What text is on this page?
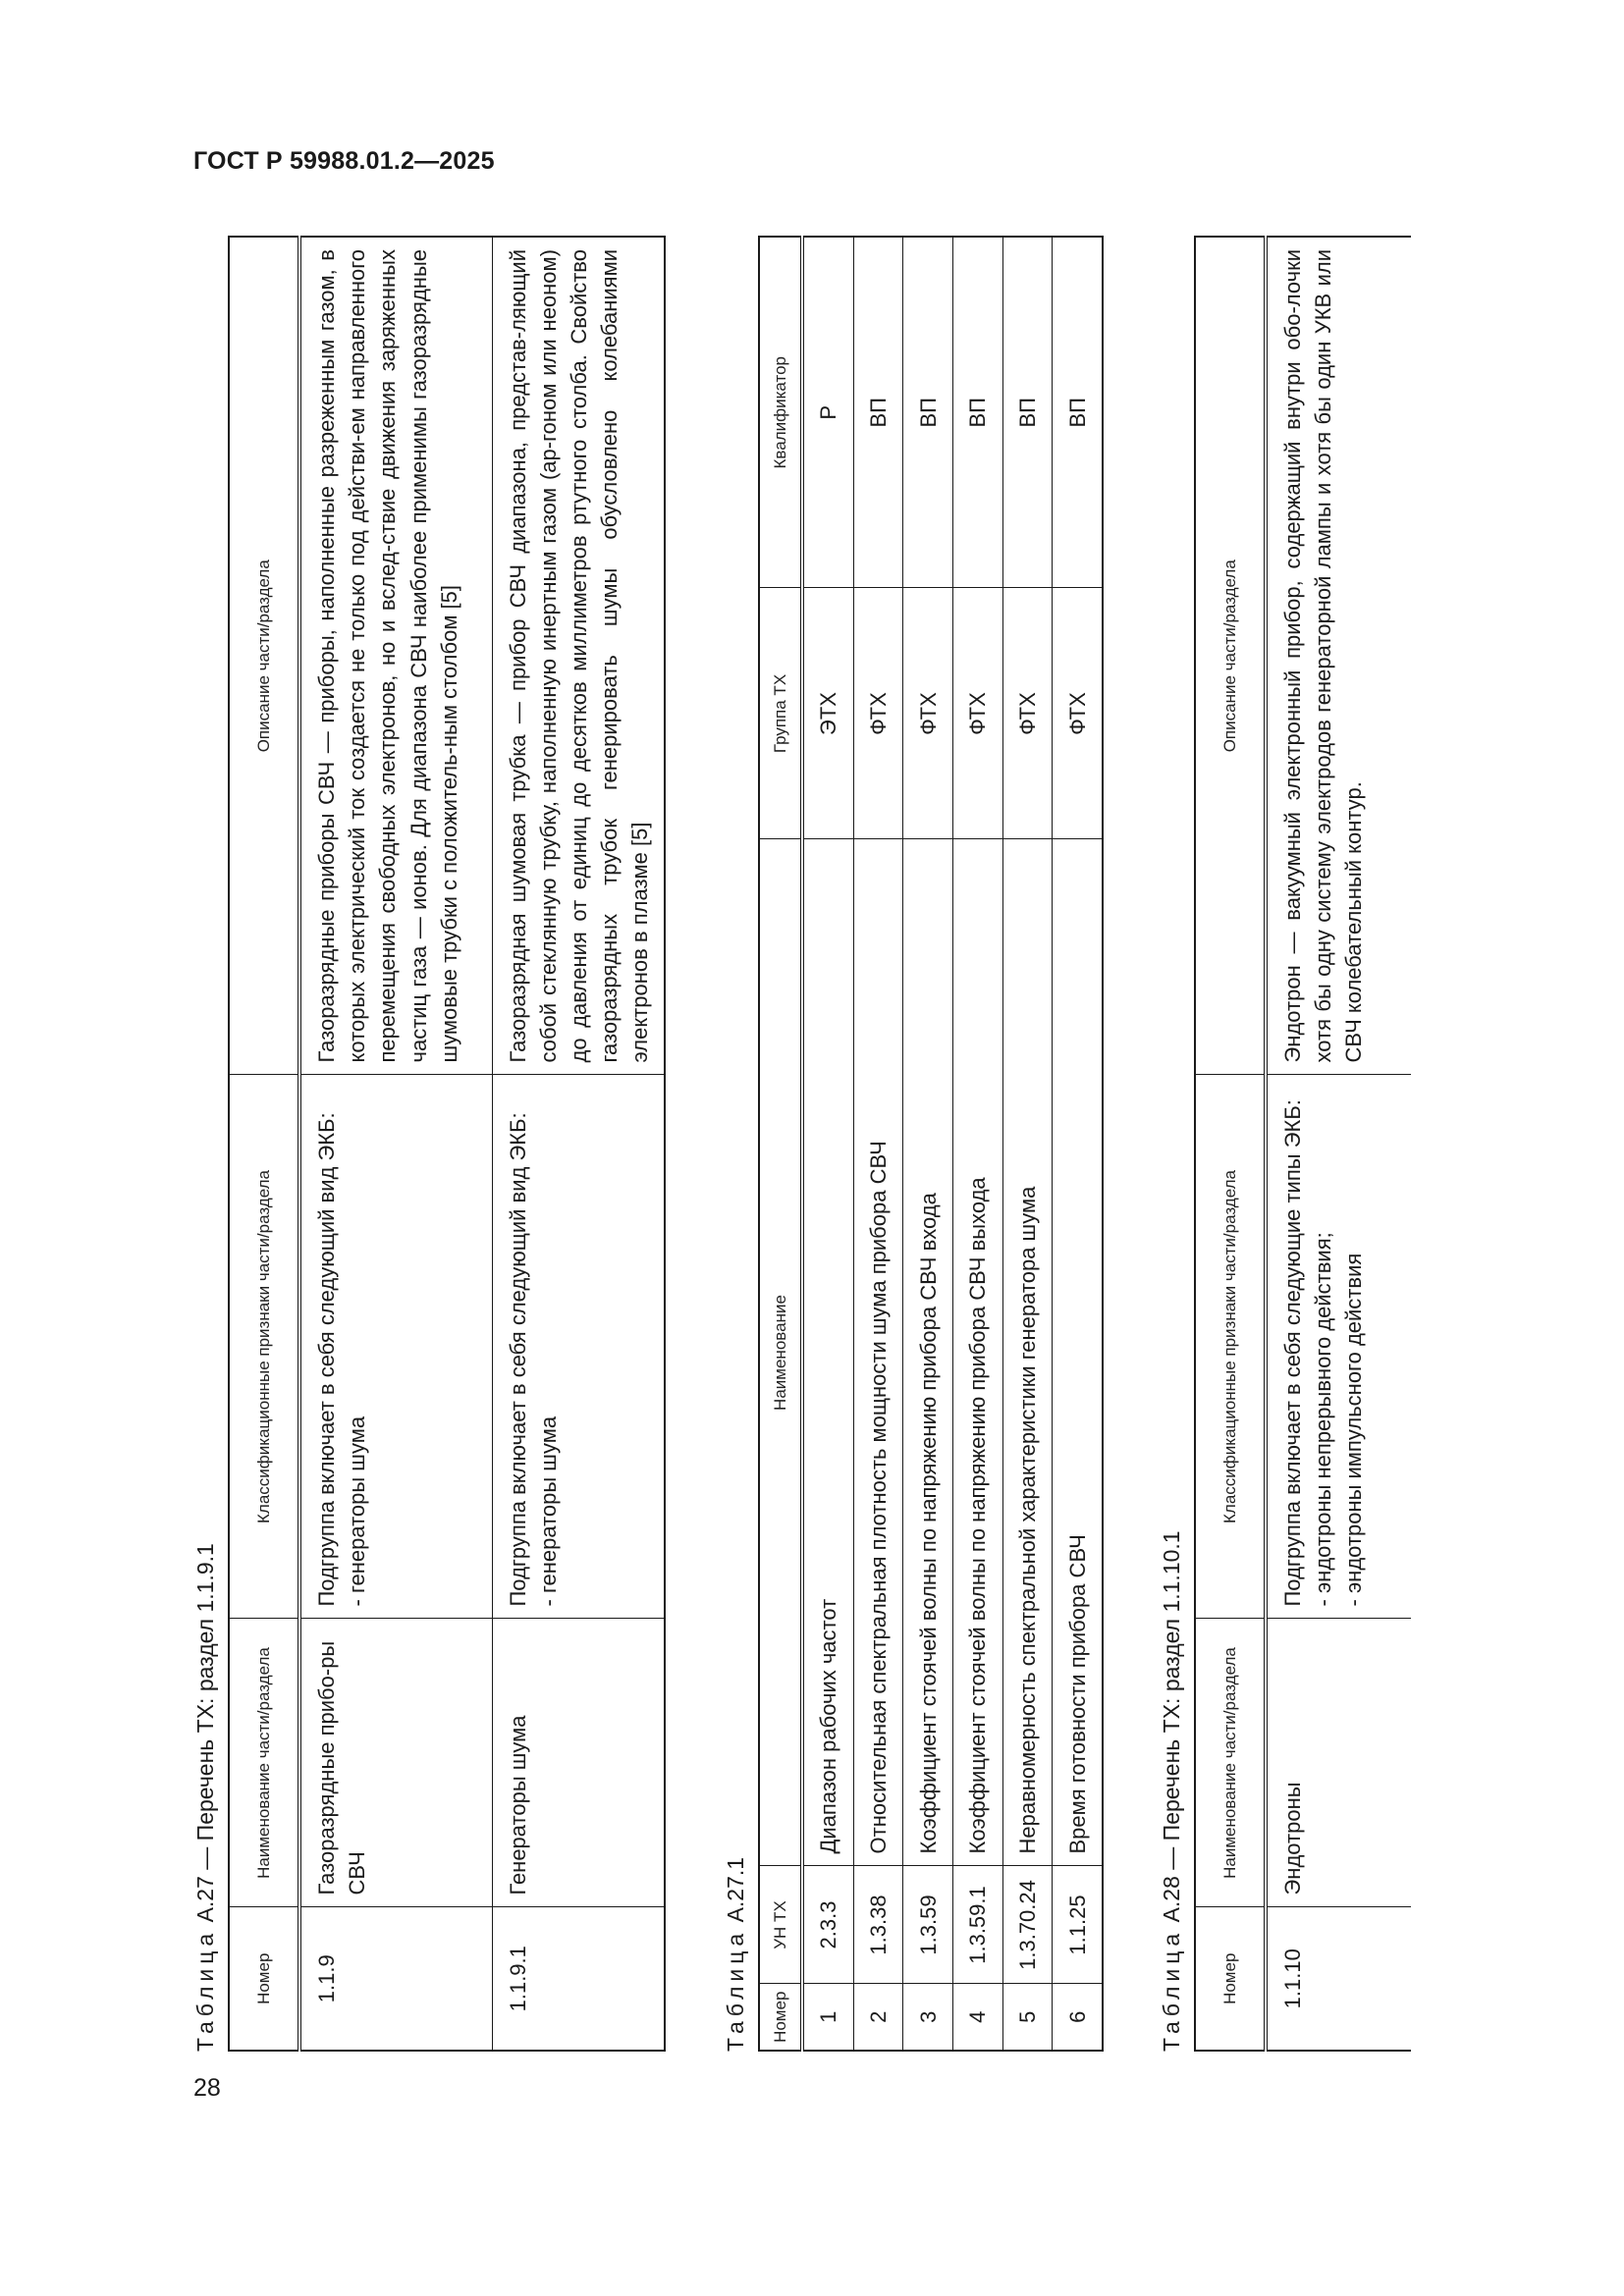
ГОСТ Р 59988.01.2—2025
28
Таблица А.27 — Перечень ТХ: раздел 1.1.9.1
Номер	Наименование части/раздела	Классификационные признаки части/раздела	Описание части/раздела
1.1.9	Газоразрядные прибо-ры СВЧ	Подгруппа включает в себя следующий вид ЭКБ: - генераторы шума	Газоразрядные приборы СВЧ — приборы, наполненные разреженным газом, в которых электрический ток создается не только под действи-ем направленного перемещения свободных электронов, но и вслед-ствие движения заряженных частиц газа — ионов. Для диапазона СВЧ наиболее применимы газоразрядные шумовые трубки с положитель-ным столбом [5]
1.1.9.1	Генераторы шума	Подгруппа включает в себя следующий вид ЭКБ: - генераторы шума	Газоразрядная шумовая трубка — прибор СВЧ диапазона, представ-ляющий собой стеклянную трубку, наполненную инертным газом (ар-гоном или неоном) до давления от единиц до десятков миллиметров ртутного столба. Свойство газоразрядных трубок генерировать шумы обусловлено колебаниями электронов в плазме [5]
Таблица А.27.1
Номер	УН ТХ	Наименование	Группа ТХ	Квалификатор
1	2.3.3	Диапазон рабочих частот	ЭТХ	Р
2	1.3.38	Относительная спектральная плотность мощности шума прибора СВЧ	ФТХ	ВП
3	1.3.59	Коэффициент стоячей волны по напряжению прибора СВЧ входа	ФТХ	ВП
4	1.3.59.1	Коэффициент стоячей волны по напряжению прибора СВЧ выхода	ФТХ	ВП
5	1.3.70.24	Неравномерность спектральной характеристики генератора шума	ФТХ	ВП
6	1.1.25	Время готовности прибора СВЧ	ФТХ	ВП
Таблица А.28 — Перечень ТХ: раздел 1.1.10.1
Номер	Наименование части/раздела	Классификационные признаки части/раздела	Описание части/раздела
1.1.10	Эндотроны	Подгруппа включает в себя следующие типы ЭКБ: - эндотроны непрерывного действия; - эндотроны импульсного действия	Эндотрон — вакуумный электронный прибор, содержащий внутри обо-лочки хотя бы одну систему электродов генераторной лампы и хотя бы один УКВ или СВЧ колебательный контур.
